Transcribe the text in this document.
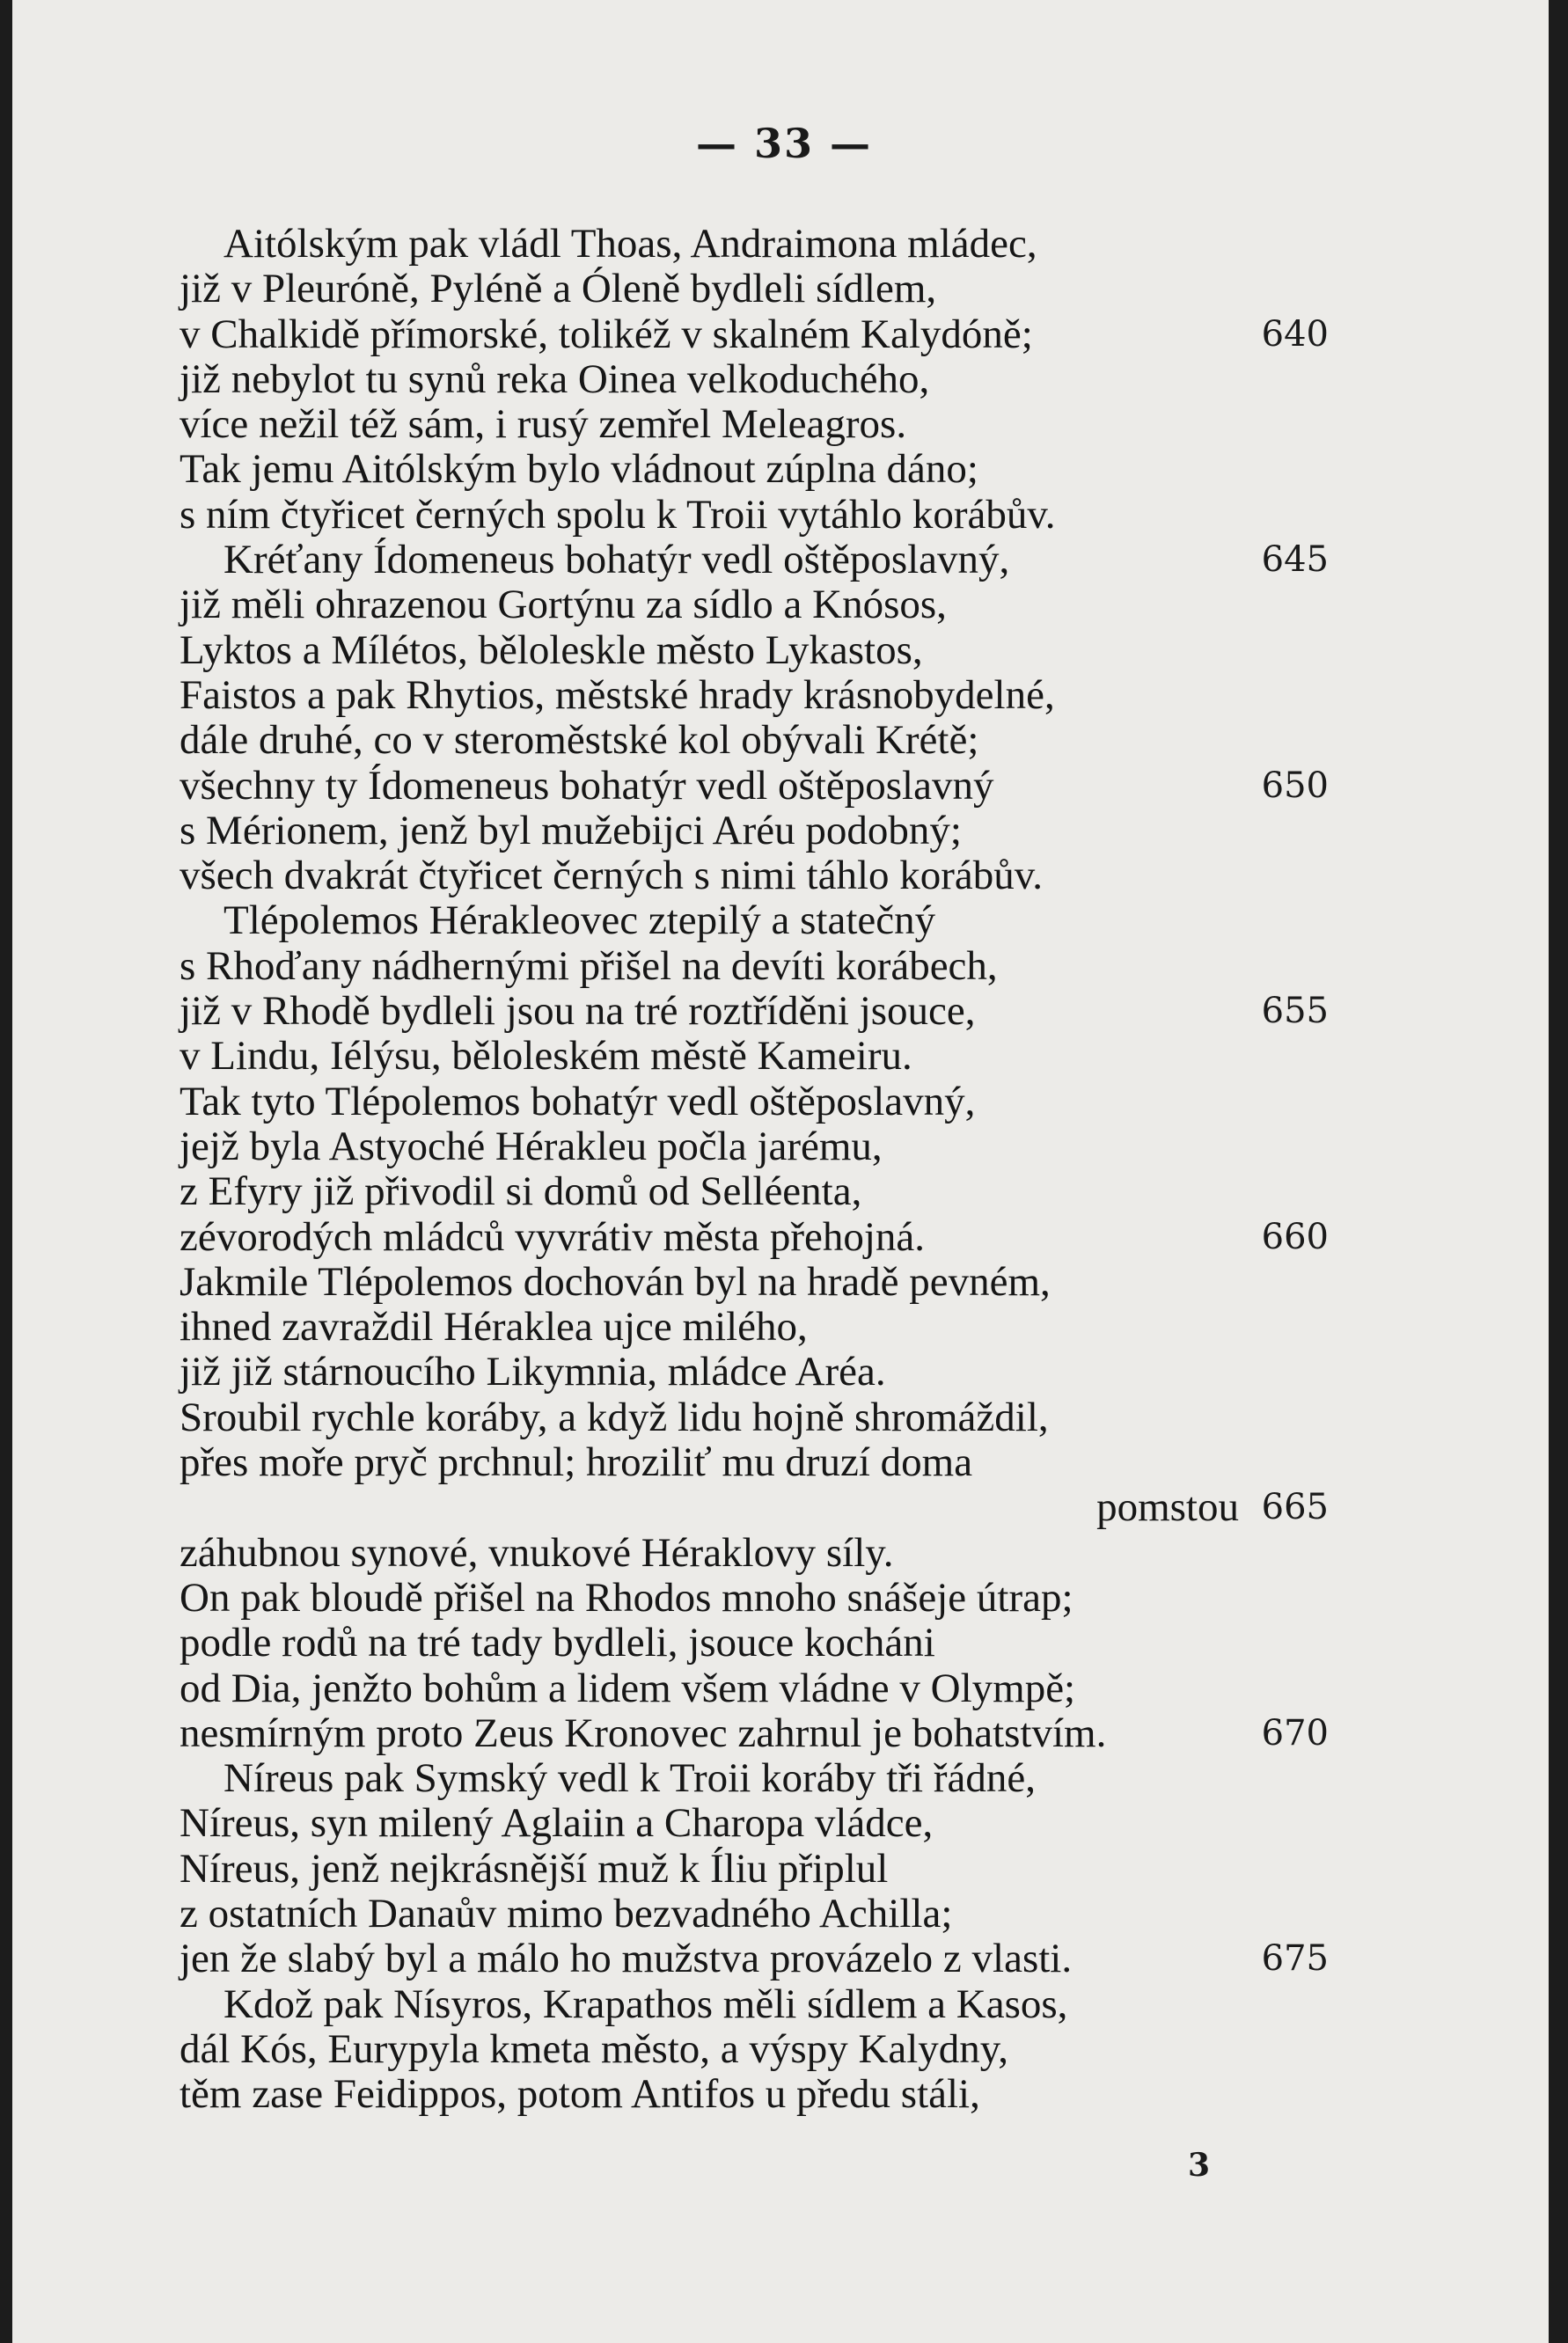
— 33 —
Aitólským pak vládl Thoas, Andraimona mládec,
již v Pleuróně, Pyléně a Óleně bydleli sídlem,
v Chalkidě přímorské, tolikéž v skalném Kalydóně;	640
již nebylot tu synů reka Oinea velkoduchého,
více nežil též sám, i rusý zemřel Meleagros.
Tak jemu Aitólským bylo vládnout zúplna dáno;
s ním čtyřicet černých spolu k Troii vytáhlo korábův.
Kréťany Ídomeneus bohatýr vedl oštěposlavný,	645
již měli ohrazenou Gortýnu za sídlo a Knósos,
Lyktos a Mílétos, běloleskle město Lykastos,
Faistos a pak Rhytios, městské hrady krásnobydelné,
dále druhé, co v steroměstské kol obývali Krétě;
všechny ty Ídomeneus bohatýr vedl oštěposlavný	650
s Mérionem, jenž byl mužebijci Aréu podobný;
všech dvakrát čtyřicet černých s nimi táhlo korábův.
Tlépolemos Hérakleovec ztepilý a statečný
s Rhoďany nádhernými přišel na devíti korábech,
již v Rhodě bydleli jsou na tré roztříděni jsouce,	655
v Lindu, Iélýsu, běloleském městě Kameiru.
Tak tyto Tlépolemos bohatýr vedl oštěposlavný,
jejž byla Astyoché Hérakleu počla jarému,
z Efyry již přivodil si domů od Selléenta,
zévorodých mládců vyvrátiv města přehojná.	660
Jakmile Tlépolemos dochován byl na hradě pevném,
ihned zavraždil Héraklea ujce milého,
již již stárnoucího Likymnia, mládce Aréa.
Sroubil rychle koráby, a když lidu hojně shromáždil,
přes moře pryč prchnul; hroziliť mu druzí doma
pomstou 665
záhubnou synové, vnukové Héraklovy síly.
On pak bloudě přišel na Rhodos mnoho snášeje útrap;
podle rodů na tré tady bydleli, jsouce kocháni
od Dia, jenžto bohům a lidem všem vládne v Olympě;
nesmírným proto Zeus Kronovec zahrnul je bohatstvím.	670
Níreus pak Symský vedl k Troii koráby tři řádné,
Níreus, syn milený Aglaiin a Charopa vládce,
Níreus, jenž nejkrásnější muž k Íliu připlul
z ostatních Danaův mimo bezvadného Achilla;
jen že slabý byl a málo ho mužstva provázelo z vlasti.	675
Kdož pak Nísyros, Krapathos měli sídlem a Kasos,
dál Kós, Eurypyla kmeta město, a výspy Kalydny,
těm zase Feidippos, potom Antifos u předu stáli,
3
